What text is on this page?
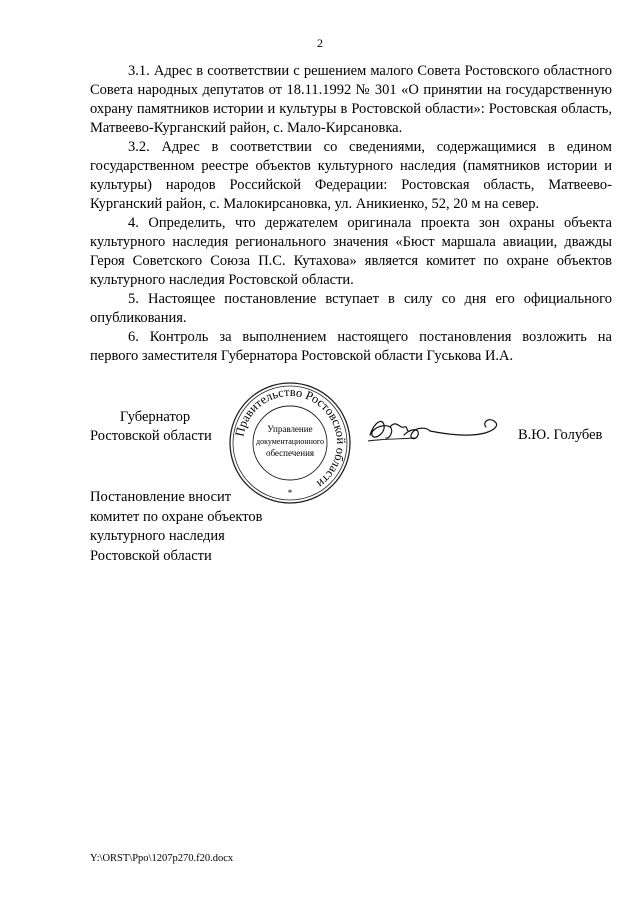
2

3.1. Адрес в соответствии с решением малого Совета Ростовского областного Совета народных депутатов от 18.11.1992 № 301 «О принятии на государственную охрану памятников истории и культуры в Ростовской области»: Ростовская область, Матвеево-Курганский район, с. Мало-Кирсановка.

3.2. Адрес в соответствии со сведениями, содержащимися в едином государственном реестре объектов культурного наследия (памятников истории и культуры) народов Российской Федерации: Ростовская область, Матвеево-Курганский район, с. Малокирсановка, ул. Аникиенко, 52, 20 м на север.

4. Определить, что держателем оригинала проекта зон охраны объекта культурного наследия регионального значения «Бюст маршала авиации, дважды Героя Советского Союза П.С. Кутахова» является комитет по охране объектов культурного наследия Ростовской области.

5. Настоящее постановление вступает в силу со дня его официального опубликования.

6. Контроль за выполнением настоящего постановления возложить на первого заместителя Губернатора Ростовской области Гуськова И.А.

Губернатор
Ростовской области	Правительство Ростовской области
*
Управление
документационного
обеспечения
В.Ю. Голубев
Постановление вносит
комитет по охране объектов
культурного наследия
Ростовской области
Y:\ORST\Ppo\1207p270.f20.docx
